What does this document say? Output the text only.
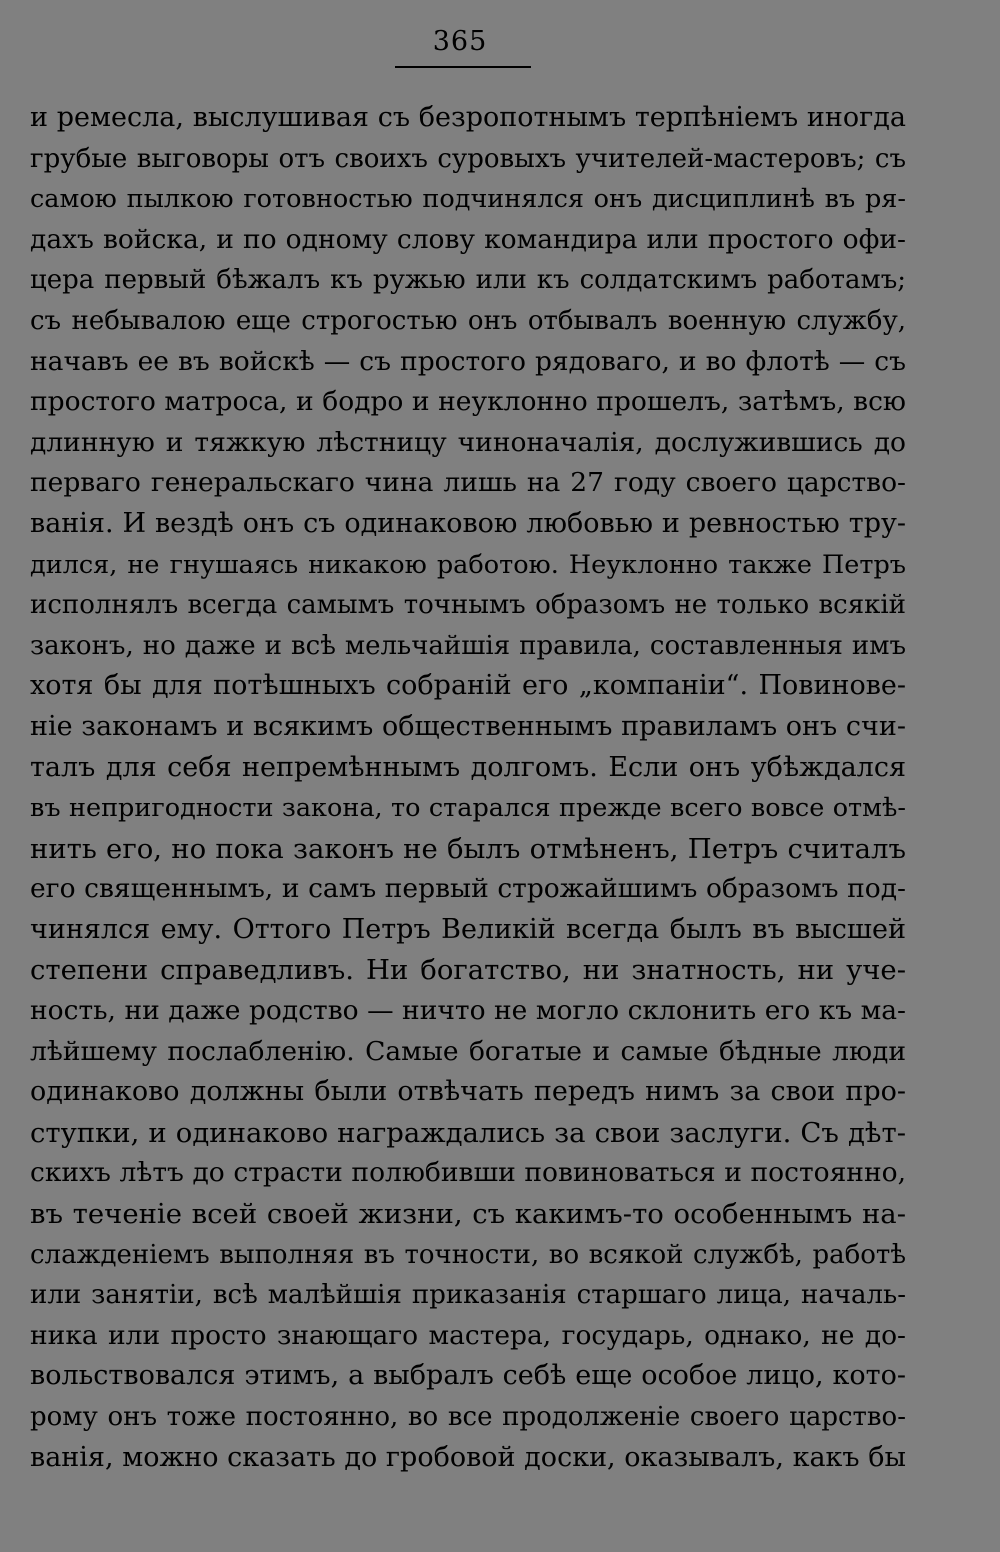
365
и ремесла, выслушивая съ безропотнымъ терпѣніемъ иногда
грубые выговоры отъ своихъ суровыхъ учителей-мастеровъ; съ
самою пылкою готовностью подчинялся онъ дисциплинѣ въ ря-
дахъ войска, и по одному слову командира или простого офи-
цера первый бѣжалъ къ ружью или къ солдатскимъ работамъ;
съ небывалою еще строгостью онъ отбывалъ военную службу,
начавъ ее въ войскѣ — съ простого рядоваго, и во флотѣ — съ
простого матроса, и бодро и неуклонно прошелъ, затѣмъ, всю
длинную и тяжкую лѣстницу чиноначалія, дослужившись до
перваго генеральскаго чина лишь на 27 году своего царство-
ванія. И вездѣ онъ съ одинаковою любовью и ревностью тру-
дился, не гнушаясь никакою работою. Неуклонно также Петръ
исполнялъ всегда самымъ точнымъ образомъ не только всякій
законъ, но даже и всѣ мельчайшія правила, составленныя имъ
хотя бы для потѣшныхъ собраній его „компаніи“. Повинове-
ніе законамъ и всякимъ общественнымъ правиламъ онъ счи-
талъ для себя непремѣннымъ долгомъ. Если онъ убѣждался
въ непригодности закона, то старался прежде всего вовсе отмѣ-
нить его, но пока законъ не былъ отмѣненъ, Петръ считалъ
его священнымъ, и самъ первый строжайшимъ образомъ под-
чинялся ему. Оттого Петръ Великій всегда былъ въ высшей
степени справедливъ. Ни богатство, ни знатность, ни уче-
ность, ни даже родство — ничто не могло склонить его къ ма-
лѣйшему послабленію. Самые богатые и самые бѣдные люди
одинаково должны были отвѣчать передъ нимъ за свои про-
ступки, и одинаково награждались за свои заслуги. Съ дѣт-
скихъ лѣтъ до страсти полюбивши повиноваться и постоянно,
въ теченіе всей своей жизни, съ какимъ-то особеннымъ на-
слажденіемъ выполняя въ точности, во всякой службѣ, работѣ
или занятіи, всѣ малѣйшія приказанія старшаго лица, началь-
ника или просто знающаго мастера, государь, однако, не до-
вольствовался этимъ, а выбралъ себѣ еще особое лицо, кото-
рому онъ тоже постоянно, во все продолженіе своего царство-
ванія, можно сказать до гробовой доски, оказывалъ, какъ бы
